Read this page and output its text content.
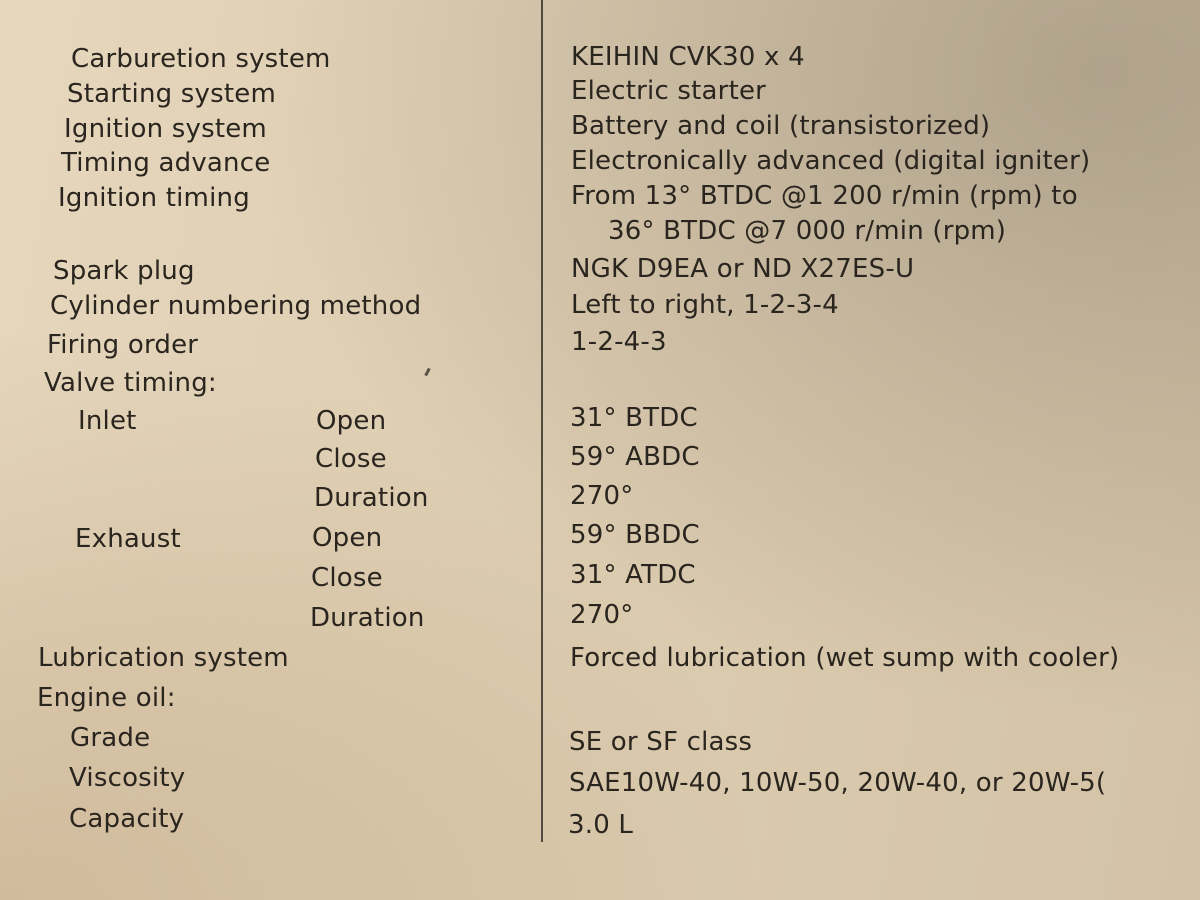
Carburetion system
Starting system
Ignition system
Timing advance
Ignition timing
Spark plug
Cylinder numbering method
Firing order
Valve timing:
Inlet	Open
Close
Duration
Exhaust	Open
Close
Duration
Lubrication system
Engine oil:
Grade
Viscosity
Capacity
KEIHIN CVK30 x 4
Electric starter
Battery and coil (transistorized)
Electronically advanced (digital igniter)
From 13° BTDC @1 200 r/min (rpm) to
36° BTDC @7 000 r/min (rpm)
NGK D9EA or ND X27ES-U
Left to right, 1-2-3-4
1-2-4-3
31° BTDC
59° ABDC
270°
59° BBDC
31° ATDC
270°
Forced lubrication (wet sump with cooler)
SE or SF class
SAE10W-40, 10W-50, 20W-40, or 20W-5(
3.0 L
